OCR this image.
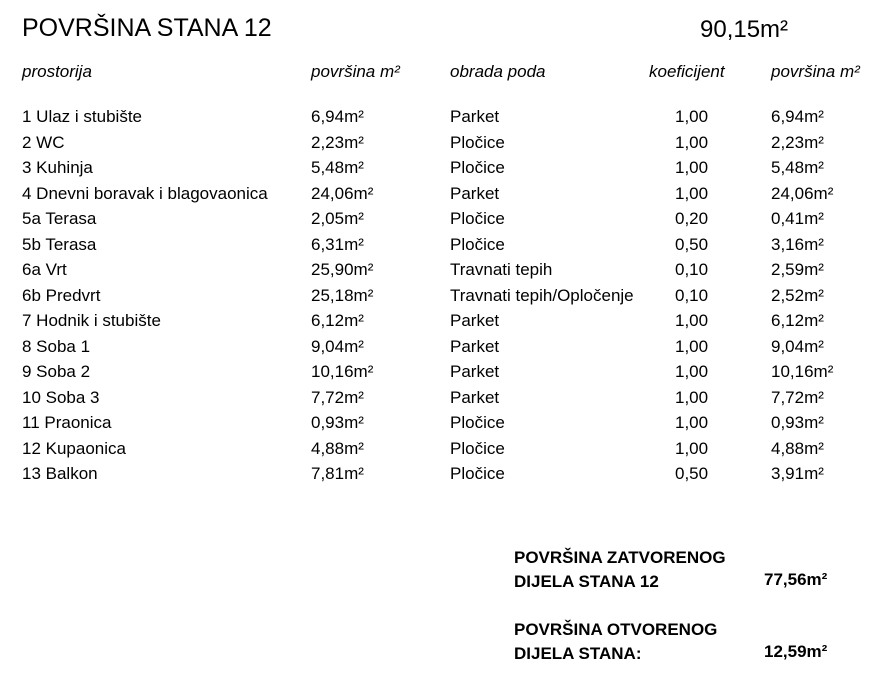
POVRŠINA STANA 12	90,15m²
prostorija	površina m²	obrada poda	koeficijent	površina m²
1 Ulaz i stubište	6,94m²	Parket	1,00	6,94m²
2 WC	2,23m²	Pločice	1,00	2,23m²
3 Kuhinja	5,48m²	Pločice	1,00	5,48m²
4 Dnevni boravak i blagovaonica	24,06m²	Parket	1,00	24,06m²
5a Terasa	2,05m²	Pločice	0,20	0,41m²
5b Terasa	6,31m²	Pločice	0,50	3,16m²
6a Vrt	25,90m²	Travnati tepih	0,10	2,59m²
6b Predvrt	25,18m²	Travnati tepih/Opločenje 0,10	2,52m²
7 Hodnik i stubište	6,12m²	Parket	1,00	6,12m²
8 Soba 1	9,04m²	Parket	1,00	9,04m²
9 Soba 2	10,16m²	Parket	1,00	10,16m²
10 Soba 3	7,72m²	Parket	1,00	7,72m²
11 Praonica	0,93m²	Pločice	1,00	0,93m²
12 Kupaonica	4,88m²	Pločice	1,00	4,88m²
13 Balkon	7,81m²	Pločice	0,50	3,91m²
POVRŠINA ZATVORENOG
DIJELA STANA 12	77,56m²
POVRŠINA OTVORENOG
DIJELA STANA:	12,59m²
